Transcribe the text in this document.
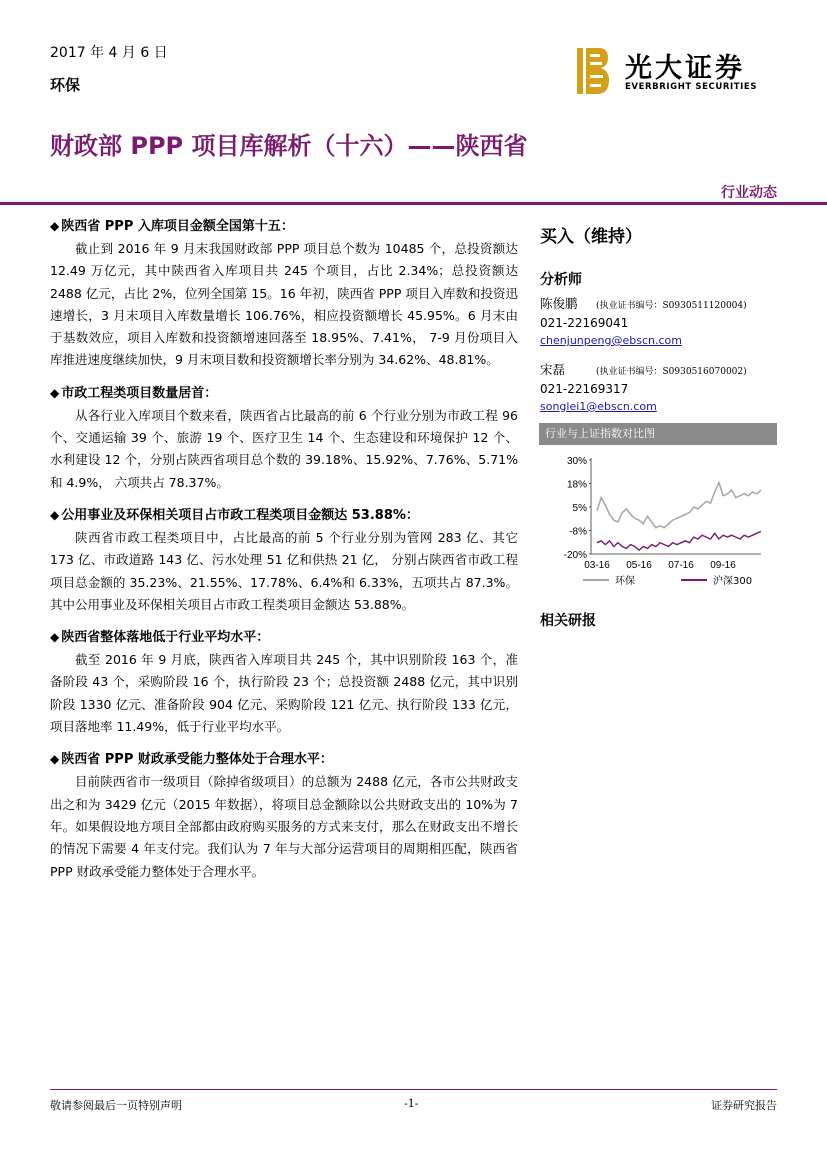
2017 年 4 月 6 日
环保
光大证券
EVERBRIGHT SECURITIES
财政部 PPP 项目库解析（十六）——陕西省
行业动态
◆ 陕西省 PPP 入库项目金额全国第十五：

截止到 2016 年 9 月末我国财政部 PPP 项目总个数为 10485 个，总投资额达 12.49 万亿元，其中陕西省入库项目共 245 个项目，占比 2.34%；总投资额达 2488 亿元，占比 2%，位列全国第 15。16 年初，陕西省 PPP 项目入库数和投资迅速增长，3 月末项目入库数量增长 106.76%，相应投资额增长 45.95%。6 月末由于基数效应，项目入库数和投资额增速回落至 18.95%、7.41%， 7-9 月份项目入库推进速度继续加快，9 月末项目数和投资额增长率分别为 34.62%、48.81%。

◆ 市政工程类项目数量居首：

从各行业入库项目个数来看，陕西省占比最高的前 6 个行业分别为市政工程 96 个、交通运输 39 个、旅游 19 个、医疗卫生 14 个、生态建设和环境保护 12 个、水利建设 12 个，分别占陕西省项目总个数的 39.18%、15.92%、7.76%、5.71%和 4.9%， 六项共占 78.37%。

◆ 公用事业及环保相关项目占市政工程类项目金额达 53.88%：

陕西省市政工程类项目中，占比最高的前 5 个行业分别为管网 283 亿、其它 173 亿、市政道路 143 亿、污水处理 51 亿和供热 21 亿， 分别占陕西省市政工程项目总金额的 35.23%、21.55%、17.78%、6.4%和 6.33%，五项共占 87.3%。其中公用事业及环保相关项目占市政工程类项目金额达 53.88%。

◆ 陕西省整体落地低于行业平均水平：

截至 2016 年 9 月底，陕西省入库项目共 245 个，其中识别阶段 163 个，准备阶段 43 个，采购阶段 16 个，执行阶段 23 个；总投资额 2488 亿元，其中识别阶段 1330 亿元、准备阶段 904 亿元、采购阶段 121 亿元、执行阶段 133 亿元，项目落地率 11.49%，低于行业平均水平。

◆ 陕西省 PPP 财政承受能力整体处于合理水平：

目前陕西省市一级项目（除掉省级项目）的总额为 2488 亿元，各市公共财政支出之和为 3429 亿元（2015 年数据），将项目总金额除以公共财政支出的 10%为 7 年。如果假设地方项目全部都由政府购买服务的方式来支付，那么在财政支出不增长的情况下需要 4 年支付完。我们认为 7 年与大部分运营项目的周期相匹配，陕西省 PPP 财政承受能力整体处于合理水平。

买入（维持）
分析师
陈俊鹏 (执业证书编号：S0930511120004)
021-22169041
chenjunpeng@ebscn.com
宋磊	(执业证书编号：S0930516070002)
021-22169317
songlei1@ebscn.com
行业与上证指数对比图
30%
18%
5%
-8%
-20%
03-16 05-16 07-16 09-16
环保	沪深300
相关研报
敬请参阅最后一页特别声明	-1-	证券研究报告
